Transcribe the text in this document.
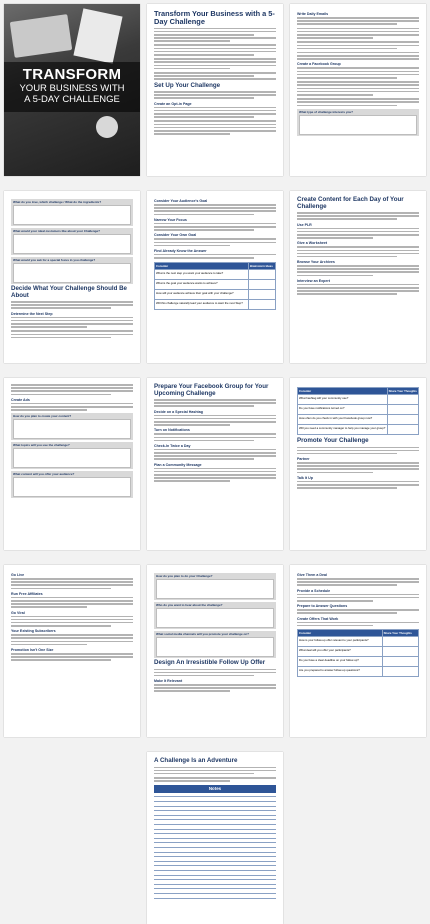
TRANSFORM
YOUR BUSINESS WITH
A 5-DAY CHALLENGE
Transform Your Business with a 5-Day Challenge
Set Up Your Challenge
Create an Opt-in Page
Write Daily Emails
Create a Facebook Group
What type of challenge interests you?
What do you love, which challenge / What do the ingredients?
What would your ideal customers like about your Challenge?
What would you ask for a special focus in you challenge?
Decide What Your Challenge Should Be About
Determine the Next Step
Consider Your Audience's Goal
Narrow Your Focus
Consider Your Own Goal
Find Already Know the Answer
Consider	Brainstorm Ideas
What is the next step you want your audience to take?	
What is the goal your audience wants to achieve?	
How will your audience achieve their goal with your challenge?	
Will this challenge naturally lead your audience to want the next Step?	
Create Content for Each Day of Your Challenge
Use PLR
Give a Worksheet
Browse Your Archives
Interview an Expert
Create Ads
How do you plan to create your content?
What topics will you use the challenge?
What content will you offer your audience?
Prepare Your Facebook Group for Your Upcoming Challenge
Decide on a Special Hashtag
Turn on Notifications
Check-In Twice a Day
Plan a Community Message
Consider	Share Your Thoughts
What hashtag will your community use?	
Do you have notifications turned on?	
How often do you check in with your Facebook group now?	
Will you need a community manager to help you manage your group?	
Promote Your Challenge
Partner
Talk It Up
Go Live
Run Free Affiliates
Go Viral
Your Existing Subscribers
Promotion Isn't One Size
How do you plan to do your Challenge?
Who do you want to hear about the challenge?
What social media channels will you promote your challenge on?
Design An Irresistible Follow Up Offer
Make It Relevant
Give Them a Deal
Provide a Schedule
Prepare to Answer Questions
Create Offers That Work
Consider	Share Your Thoughts
How is your follow-up offer relevant to your participants?	
What deal will you offer your participants?	
Do you have a clear deadline on your follow-up?	
Are you prepared to answer follow-up questions?	
A Challenge Is an Adventure
Notes
